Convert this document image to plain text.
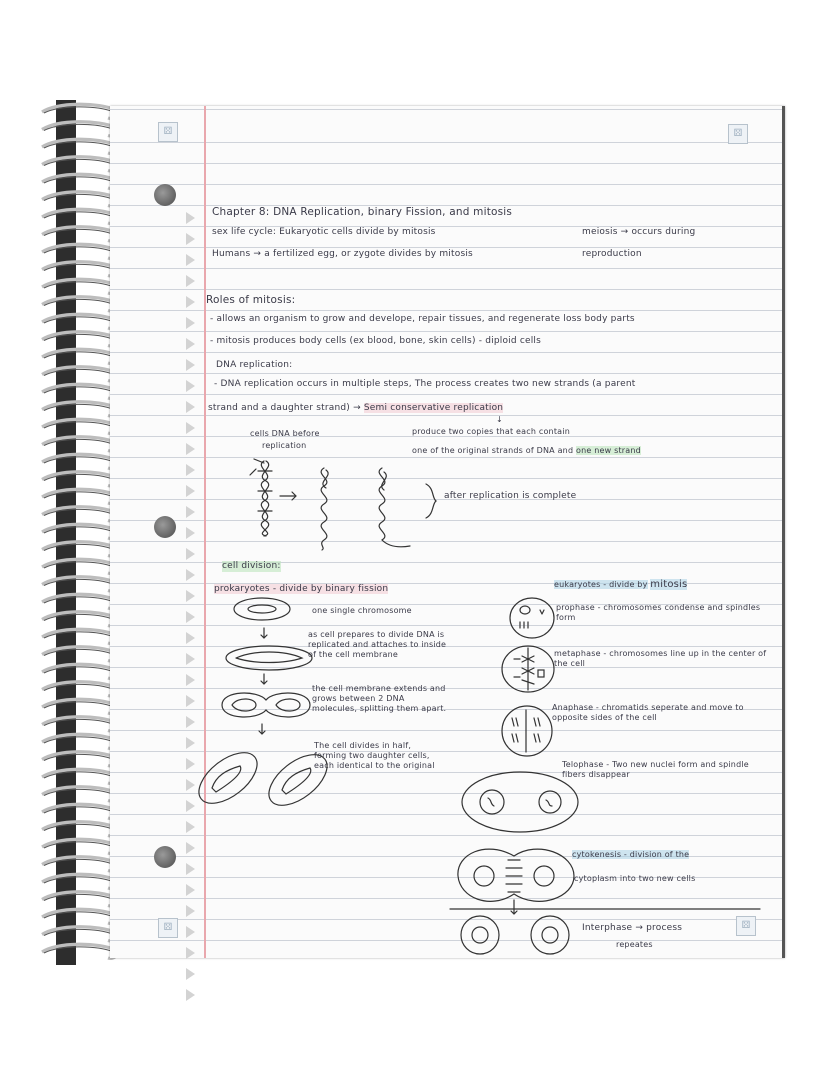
⚄	⚄
⚄	⚄
Chapter 8: DNA Replication, binary Fission, and mitosis
sex life cycle: Eukaryotic cells divide by mitosis
Humans → a fertilized egg, or zygote divides by mitosis
meiosis → occurs during
reproduction
Roles of mitosis:
- allows an organism to grow and develope, repair tissues, and regenerate loss body parts
- mitosis produces body cells (ex blood, bone, skin cells) - diploid cells
DNA replication:
- DNA replication occurs in multiple steps, The process creates two new strands (a parent
strand and a daughter strand) → Semi conservative replication
↓
cells DNA before
replication
produce two copies that each contain
one of the original strands of DNA and one new strand
after replication is complete
cell division:
prokaryotes - divide by binary fission
one single chromosome
as cell prepares to divide DNA is replicated and attaches to inside of the cell membrane
the cell membrane extends and grows between 2 DNA molecules, splitting them apart.
The cell divides in half, forming two daughter cells, each identical to the original
eukaryotes - divide by mitosis
prophase - chromosomes condense and spindles form
metaphase - chromosomes line up in the center of the cell
Anaphase - chromatids seperate and move to opposite sides of the cell
Telophase - Two new nuclei form and spindle fibers disappear
cytokenesis - division of the
cytoplasm into two new cells
Interphase → process
repeates
